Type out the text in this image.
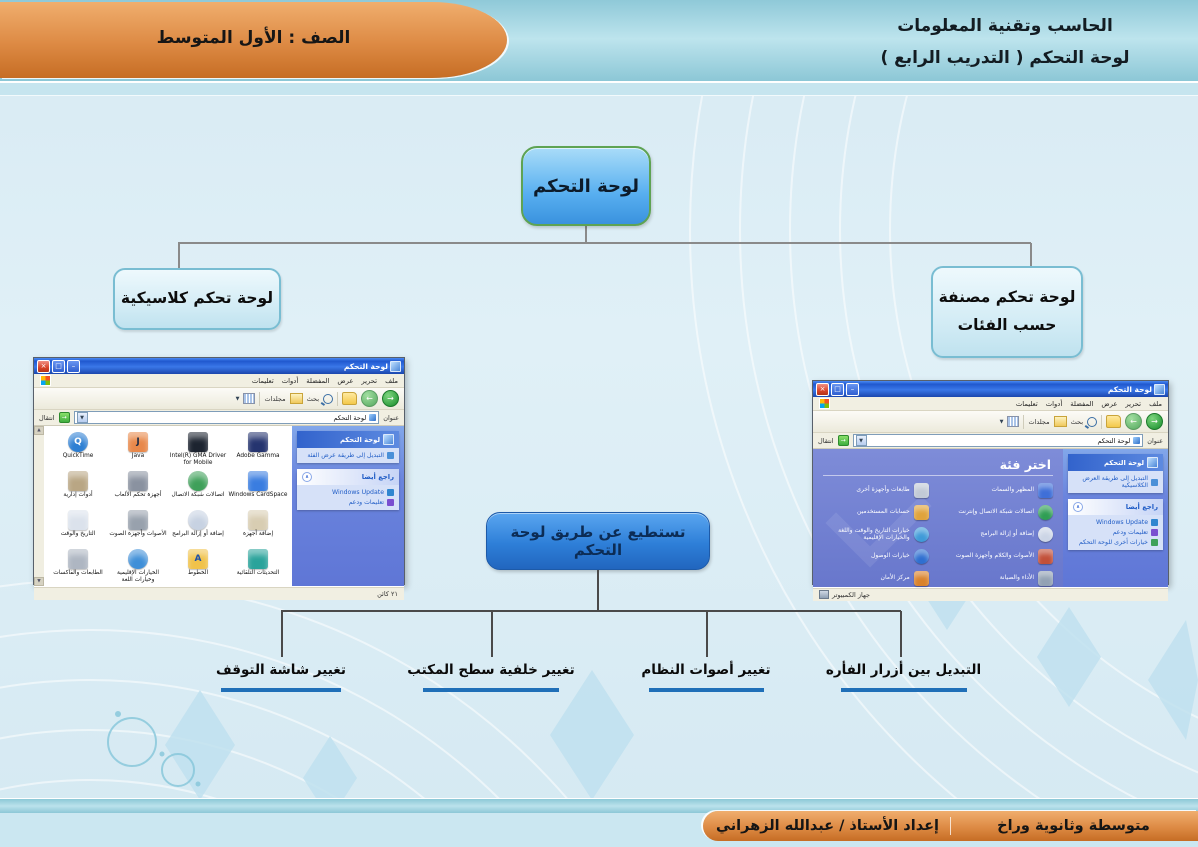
الصف : الأول المتوسط
الحاسب وتقنية المعلومات
( التدريب الرابع ) لوحة التحكم
لوحة التحكم
لوحة تحكم كلاسيكية	لوحة تحكم مصنفة
حسب الفئات
تستطيع عن طريق لوحة التحكم
تغيير شاشة التوقف	تغيير خلفية سطح المكتب	تغيير أصوات النظام	التبديل بين أزرار الفأره
×	□	–	لوحة التحكم
ملف
تحرير
عرض
المفضلة
أدوات
تعليمات
→
←
بحث
مجلدات
▼
عنوان
لوحة التحكم
▼
→
انتقال
لوحة التحكم
التبديل إلى طريقة عرض الفئة
راجع أيضا
∧
Windows Update
تعليمات ودعم
Adobe Gamma
Intel(R) GMA Driver for Mobile
J
Java
Q
QuickTime
Windows CardSpace
اتصالات شبكة الاتصال
أجهزة تحكم الألعاب
أدوات إدارية
إضافة أجهزة
إضافة أو إزالة البرامج
الأصوات وأجهزة الصوت
التاريخ والوقت
التحديثات التلقائية
A
الخطوط
الخيارات الإقليمية وخيارات اللغة
الطابعات والفاكسات
▲
▼
٢١ كائن
×	□	–	لوحة التحكم
ملف
تحرير
عرض
المفضلة
أدوات
تعليمات
→
←
بحث
مجلدات
▼
عنوان
لوحة التحكم
▼
→
انتقال
لوحة التحكم
التبديل إلى طريقة العرض الكلاسيكية
راجع أيضا
∧
Windows Update
تعليمات ودعم
خيارات أخرى للوحة التحكم
اختر فئة
المظهر والسمات
طابعات وأجهزة أخرى
اتصالات شبكة الاتصال وإنترنت
حسابات المستخدمين
إضافة أو إزالة البرامج
خيارات التاريخ والوقت واللغة والخيارات الإقليمية
الأصوات والكلام وأجهزة الصوت
خيارات الوصول
الأداء والصيانة
مركز الأمان
جهاز الكمبيوتر
إعداد الأستاذ / عبدالله الزهراني	متوسطة وثانوية وراخ
